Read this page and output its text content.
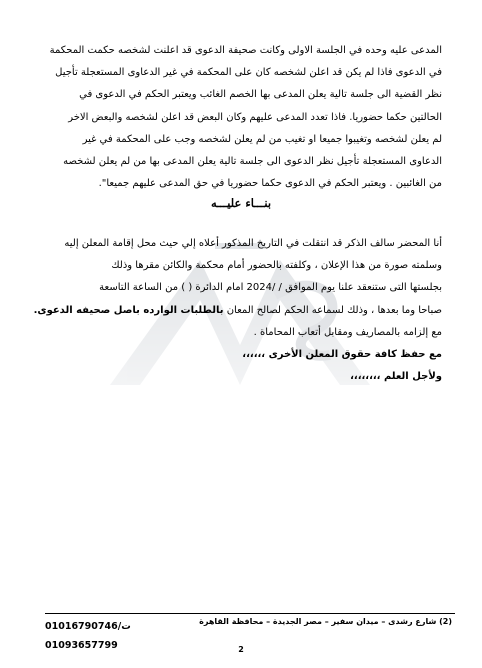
المدعى عليه وحده في الجلسة الاولى وكانت صحيفة الدعوى قد اعلنت لشخصه حكمت المحكمة
في الدعوى فاذا لم يكن قد اعلن لشخصه كان على المحكمة في غير الدعاوى المستعجلة تأجيل
نظر القضية الى جلسة تالية يعلن المدعى بها الخصم الغائب ويعتبر الحكم في الدعوى في
الحالتين حكما حضوريا. فاذا تعدد المدعى عليهم وكان البعض قد اعلن لشخصه والبعض الاخر
لم يعلن لشخصه وتغيبوا جميعا او تغيب من لم يعلن لشخصه وجب على المحكمة في غير
الدعاوى المستعجلة تأجيل نظر الدعوى الى جلسة تالية يعلن المدعى بها من لم يعلن لشخصه
من الغائبين . ويعتبر الحكم في الدعوى حكما حضوريا في حق المدعى عليهم جميعا".
بنـــاء عليـــه
أنا المحضر سالف الذكر قد انتقلت في التاريخ المذكور أعلاه إلي حيث محل إقامة المعلن إليه
وسلمته صورة من هذا الإعلان ، وكلفته بالحضور أمام محكمة والكائن مقرها وذلك
بجلستها التى ستنعقد علنا يوم الموافق / /2024 امام الدائرة ( ) من الساعة التاسعة
صباحا وما بعدها ، وذلك لسماعه الحكم لصالح المعان بالطلبات الوارده باصل صحيفه الدعوى.
مع إلزامه بالمصاريف ومقابل أتعاب المحاماة .
مع حفظ كافة حقوق المعلن الأخرى ،،،،،،
ولأجل العلم ،،،،،،،،
(2) شارع رشدى – ميدان سفير – مصر الجديدة – محافظة القاهرة
ت/01016790746
01093657799	2
